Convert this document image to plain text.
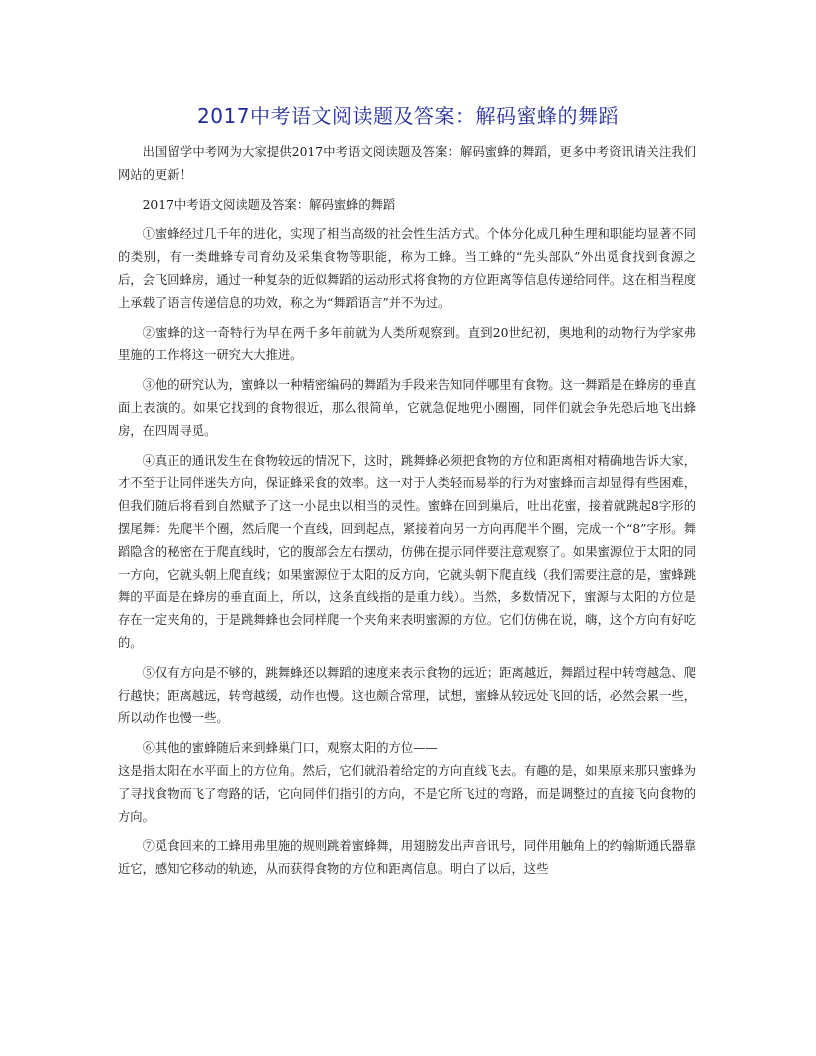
2017中考语文阅读题及答案：解码蜜蜂的舞蹈

出国留学中考网为大家提供2017中考语文阅读题及答案：解码蜜蜂的舞蹈，更多中考资讯请关注我们网站的更新！

2017中考语文阅读题及答案：解码蜜蜂的舞蹈

①蜜蜂经过几千年的进化，实现了相当高级的社会性生活方式。个体分化成几种生理和职能均显著不同的类别，有一类雌蜂专司育幼及采集食物等职能，称为工蜂。当工蜂的“先头部队”外出觅食找到食源之后，会飞回蜂房，通过一种复杂的近似舞蹈的运动形式将食物的方位距离等信息传递给同伴。这在相当程度上承载了语言传递信息的功效，称之为“舞蹈语言”并不为过。

②蜜蜂的这一奇特行为早在两千多年前就为人类所观察到。直到20世纪初，奥地利的动物行为学家弗里施的工作将这一研究大大推进。

③他的研究认为，蜜蜂以一种精密编码的舞蹈为手段来告知同伴哪里有食物。这一舞蹈是在蜂房的垂直面上表演的。如果它找到的食物很近，那么很简单，它就急促地兜小圈圈，同伴们就会争先恐后地飞出蜂房，在四周寻觅。

④真正的通讯发生在食物较远的情况下，这时，跳舞蜂必须把食物的方位和距离相对精确地告诉大家，才不至于让同伴迷失方向，保证蜂采食的效率。这一对于人类轻而易举的行为对蜜蜂而言却显得有些困难，但我们随后将看到自然赋予了这一小昆虫以相当的灵性。蜜蜂在回到巢后，吐出花蜜，接着就跳起8字形的摆尾舞：先爬半个圈，然后爬一个直线，回到起点，紧接着向另一方向再爬半个圈，完成一个“8”字形。舞蹈隐含的秘密在于爬直线时，它的腹部会左右摆动，仿佛在提示同伴要注意观察了。如果蜜源位于太阳的同一方向，它就头朝上爬直线；如果蜜源位于太阳的反方向，它就头朝下爬直线（我们需要注意的是，蜜蜂跳舞的平面是在蜂房的垂直面上，所以，这条直线指的是重力线）。当然，多数情况下，蜜源与太阳的方位是存在一定夹角的，于是跳舞蜂也会同样爬一个夹角来表明蜜源的方位。它们仿佛在说，嗨，这个方向有好吃的。

⑤仅有方向是不够的，跳舞蜂还以舞蹈的速度来表示食物的远近；距离越近，舞蹈过程中转弯越急、爬行越快；距离越远，转弯越缓，动作也慢。这也颇合常理，试想，蜜蜂从较远处飞回的话，必然会累一些，所以动作也慢一些。

⑥其他的蜜蜂随后来到蜂巢门口，观察太阳的方位——

这是指太阳在水平面上的方位角。然后，它们就沿着给定的方向直线飞去。有趣的是，如果原来那只蜜蜂为了寻找食物而飞了弯路的话，它向同伴们指引的方向，不是它所飞过的弯路，而是调整过的直接飞向食物的方向。

⑦觅食回来的工蜂用弗里施的规则跳着蜜蜂舞，用翅膀发出声音讯号，同伴用触角上的约翰斯通氏器靠近它，感知它移动的轨迹，从而获得食物的方位和距离信息。明白了以后，这些
